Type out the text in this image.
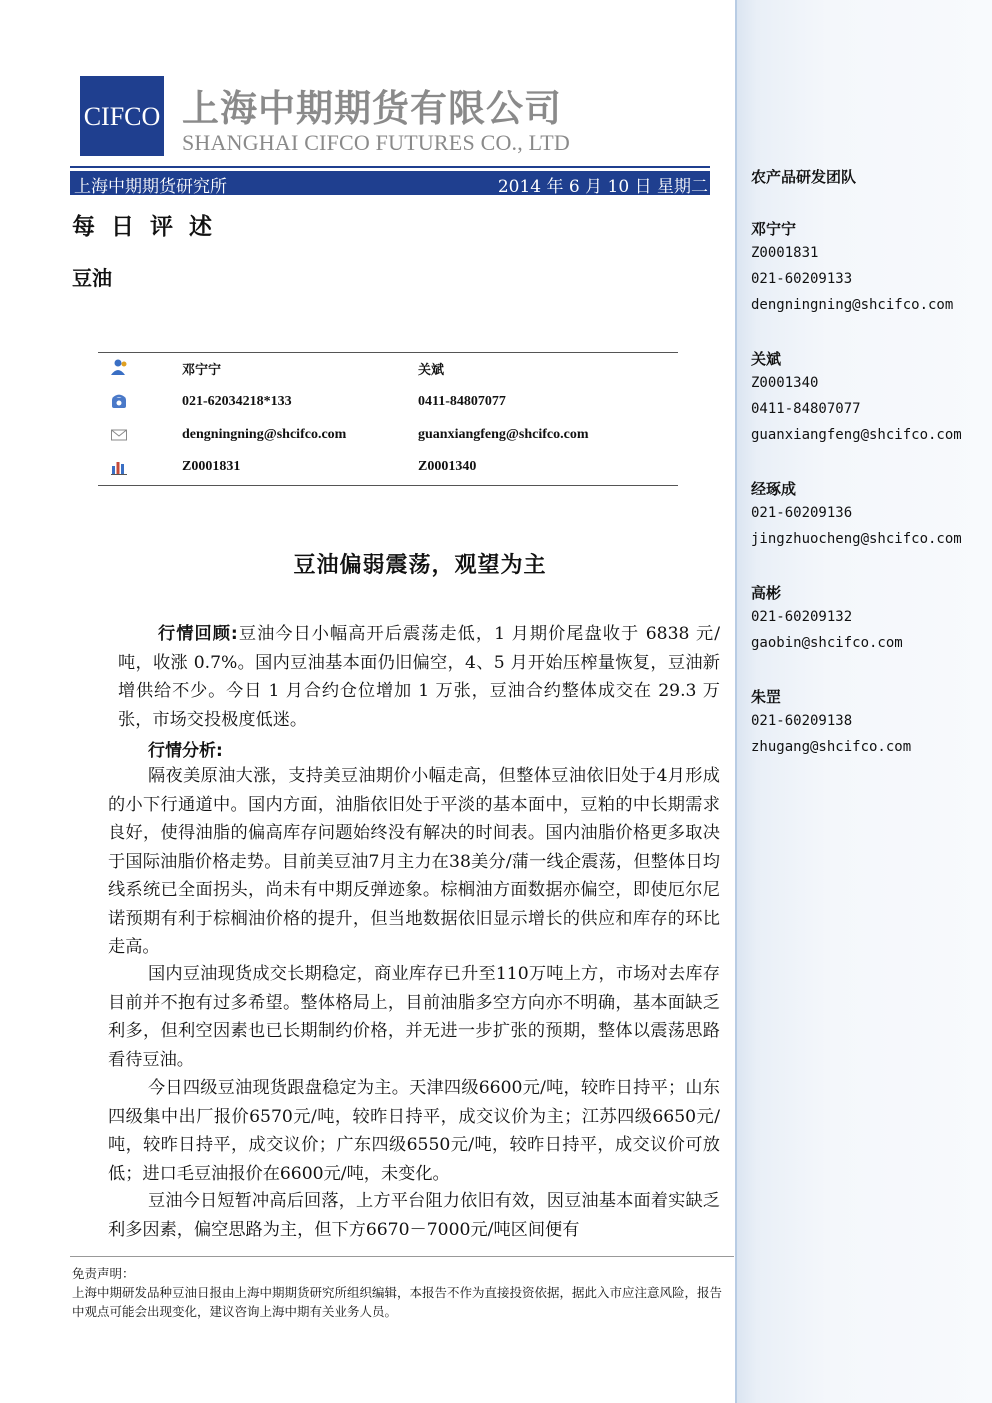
CIFCO 上海中期期货有限公司
SHANGHAI CIFCO FUTURES CO., LTD
上海中期期货研究所	2014 年 6 月 10 日 星期二
每 日 评 述
豆油
邓宁宁	关斌
021-62034218*133	0411-84807077
dengningning@shcifco.com	guanxiangfeng@shcifco.com
Z0001831	Z0001340
豆油偏弱震荡，观望为主
行情回顾:豆油今日小幅高开后震荡走低，1 月期价尾盘收于 6838 元/吨，收涨 0.7%。国内豆油基本面仍旧偏空，4、5 月开始压榨量恢复，豆油新增供给不少。今日 1 月合约仓位增加 1 万张，豆油合约整体成交在 29.3 万张，市场交投极度低迷。
行情分析:
隔夜美原油大涨，支持美豆油期价小幅走高，但整体豆油依旧处于4月形成的小下行通道中。国内方面，油脂依旧处于平淡的基本面中，豆粕的中长期需求良好，使得油脂的偏高库存问题始终没有解决的时间表。国内油脂价格更多取决于国际油脂价格走势。目前美豆油7月主力在38美分/蒲一线企震荡，但整体日均线系统已全面拐头，尚未有中期反弹迹象。棕榈油方面数据亦偏空，即使厄尔尼诺预期有利于棕榈油价格的提升，但当地数据依旧显示增长的供应和库存的环比走高。
国内豆油现货成交长期稳定，商业库存已升至110万吨上方，市场对去库存目前并不抱有过多希望。整体格局上，目前油脂多空方向亦不明确，基本面缺乏利多，但利空因素也已长期制约价格，并无进一步扩张的预期，整体以震荡思路看待豆油。
今日四级豆油现货跟盘稳定为主。天津四级6600元/吨，较昨日持平；山东四级集中出厂报价6570元/吨，较昨日持平，成交议价为主；江苏四级6650元/吨，较昨日持平，成交议价；广东四级6550元/吨，较昨日持平，成交议价可放低；进口毛豆油报价在6600元/吨，未变化。
豆油今日短暂冲高后回落，上方平台阻力依旧有效，因豆油基本面着实缺乏利多因素，偏空思路为主，但下方6670－7000元/吨区间便有
免责声明：
上海中期研发品种豆油日报由上海中期期货研究所组织编辑，本报告不作为直接投资依据，据此入市应注意风险，报告中观点可能会出现变化，建议咨询上海中期有关业务人员。
农产品研发团队
邓宁宁
Z0001831
021-60209133
dengningning@shcifco.com
关斌
Z0001340
0411-84807077
guanxiangfeng@shcifco.com
经琢成
021-60209136
jingzhuocheng@shcifco.com
高彬
021-60209132
gaobin@shcifco.com
朱罡
021-60209138
zhugang@shcifco.com
